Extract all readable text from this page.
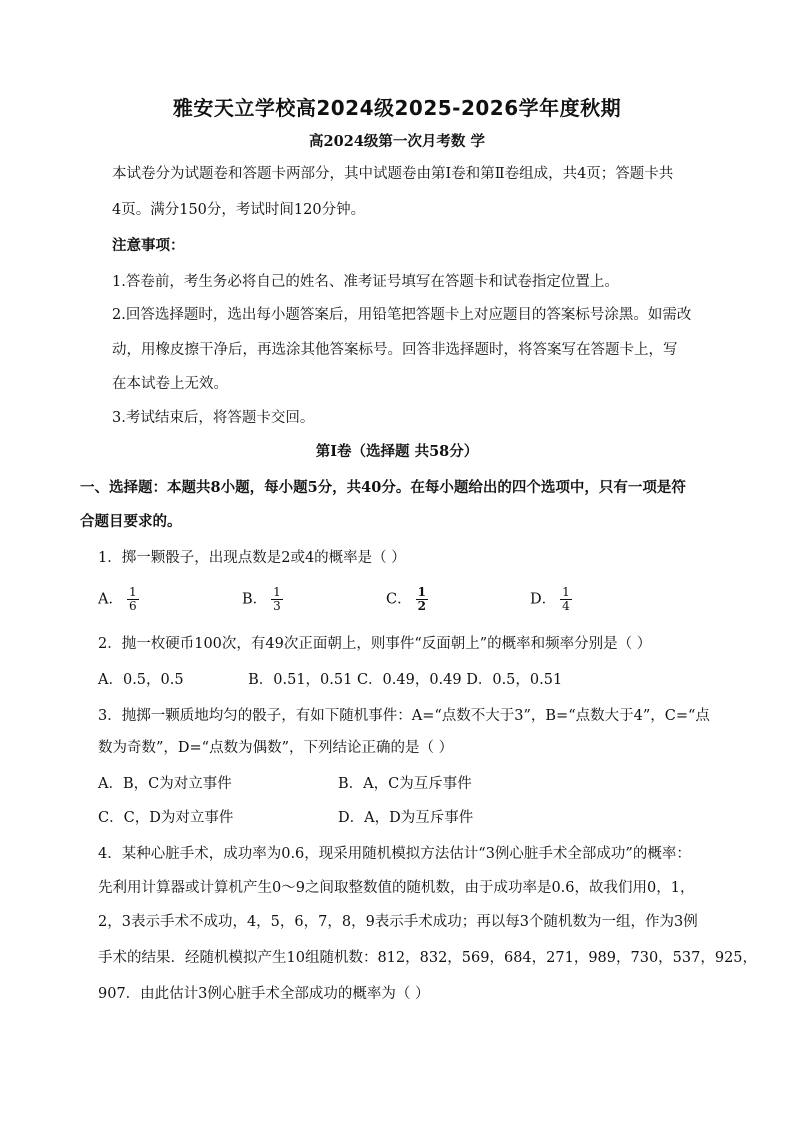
雅安天立学校高2024级2025-2026学年度秋期
高2024级第一次月考数 学
本试卷分为试题卷和答题卡两部分，其中试题卷由第Ⅰ卷和第Ⅱ卷组成，共4页；答题卡共
4页。满分150分，考试时间120分钟。
注意事项：
1.答卷前，考生务必将自己的姓名、准考证号填写在答题卡和试卷指定位置上。
2.回答选择题时，选出每小题答案后，用铅笔把答题卡上对应题目的答案标号涂黑。如需改
动，用橡皮擦干净后，再选涂其他答案标号。回答非选择题时，将答案写在答题卡上，写
在本试卷上无效。
3.考试结束后，将答题卡交回。
第Ⅰ卷（选择题 共58分）
一、选择题：本题共8小题，每小题5分，共40分。在每小题给出的四个选项中，只有一项是符
合题目要求的。
1．掷一颗骰子，出现点数是2或4的概率是（ ）
A． $\frac{1}{6}$	B． $\frac{1}{3}$	C． $\frac{1}{2}$	D． $\frac{1}{4}$
2．抛一枚硬币100次，有49次正面朝上，则事件“反面朝上”的概率和频率分别是（ ）
A．0.5，0.5              B．0.51，0.51 C．0.49，0.49 D．0.5，0.51
3．抛掷一颗质地均匀的骰子，有如下随机事件：A=“点数不大于3”，B=“点数大于4”，C=“点
数为奇数”，D=“点数为偶数”，下列结论正确的是（ ）
A．B，C为对立事件	B．A，C为互斥事件
C．C，D为对立事件	D．A，D为互斥事件
4．某种心脏手术，成功率为0.6，现采用随机模拟方法估计“3例心脏手术全部成功”的概率：
先利用计算器或计算机产生0～9之间取整数值的随机数，由于成功率是0.6，故我们用0，1，
2，3表示手术不成功，4，5，6，7，8，9表示手术成功；再以每3个随机数为一组，作为3例
手术的结果．经随机模拟产生10组随机数：812，832，569，684，271，989，730，537，925，
907．由此估计3例心脏手术全部成功的概率为（ ）
